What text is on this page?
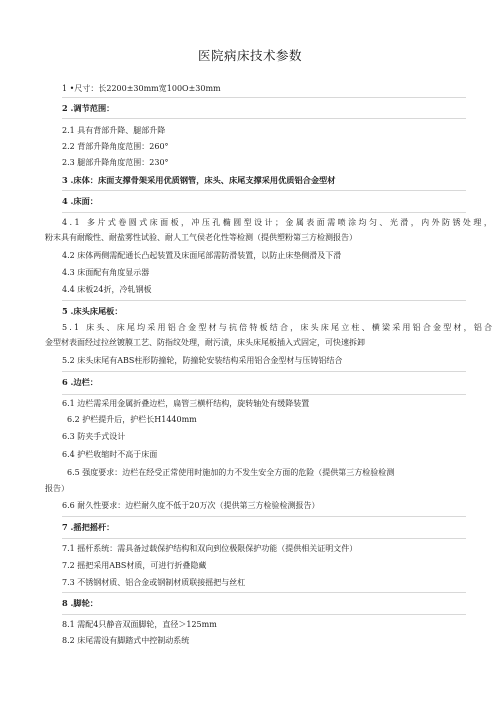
医院病床技术参数
1 •尺寸：长2200±30mm宽100O±30mm
2 .调节范围：
2.1 具有背部升降、腿部升降
2.2 背部升降角度范围：260°
2.3 腿部升降角度范围：230°
3 .床体：床面支撑骨架采用优质钢管，床头、床尾支撑采用优质铝合金型材
4 .床面：
4.1 多片式卷圆式床面板，冲压孔椭圆型设计；金属表面需喷涂均匀、光滑，内外防锈处理，
粉末具有耐酸性、耐盐雾性试验、耐人工气侯老化性等检测（提供塑粉第三方检测报告）
4.2 床体两侧需配通长凸起装置及床面尾部需防滑装置，以防止床垫侧滑及下滑
4.3 床面配有角度显示器
4.4 床板24折，冷轧钢板
5 .床头床尾板：
5.1 床头、床尾均采用铝合金型材与抗倍特板结合，床头床尾立柱、横梁采用铝合金型材，铝合
金型材表面经过拉丝镀膜工艺、防指纹处理，耐污渍，床头床尾板插入式固定，可快速拆卸
5.2 床头床尾有ABS柱形防撞轮，防撞轮安装结构采用铝合金型材与压铸铝结合
6 .边栏：
6.1 边栏需采用金属折叠边栏，扁管三横杆结构，旋转轴处有缓降装置
6.2 护栏提升后，护栏长H1440mm
6.3 防夹手式设计
6.4 护栏收缩时不高于床面
6.5 强度要求：边栏在经受正常使用时施加的力不发生安全方面的危险（提供第三方检验检测
报告）
6.6 耐久性要求：边栏耐久度不低于20万次（提供第三方检验检测报告）
7 .摇把摇杆：
7.1 摇杆系统：需具备过载保护结构和双向到位极限保护功能（提供相关证明文件）
7.2 摇把采用ABS材质，可进行折叠隐藏
7.3 不锈钢材质、铝合金或钢制材质联接摇把与丝杠
8 .脚轮：
8.1 需配4只静音双面脚轮，直径＞125mm
8.2 床尾需设有脚踏式中控制动系统
